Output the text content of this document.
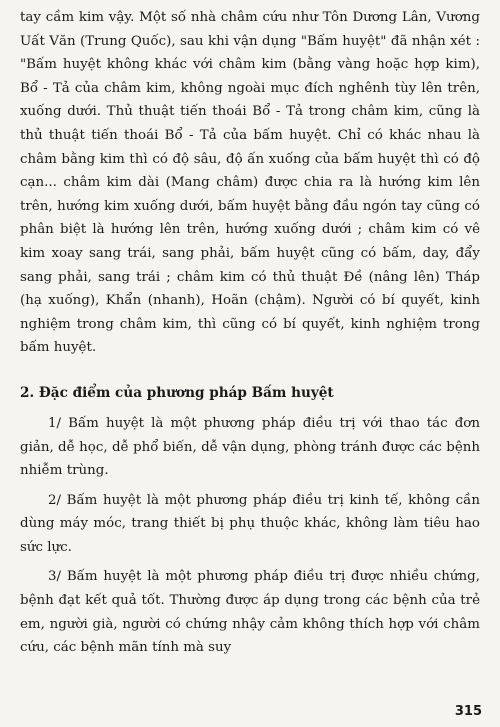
tay cầm kim vậy. Một số nhà châm cứu như Tôn Dương Lân, Vương Uất Văn (Trung Quốc), sau khi vận dụng "Bấm huyệt" đã nhận xét : "Bấm huyệt không khác với châm kim (bằng vàng hoặc hợp kim), Bổ - Tả của châm kim, không ngoài mục đích nghênh tùy lên trên, xuống dưới. Thủ thuật tiến thoái Bổ - Tả trong châm kim, cũng là thủ thuật tiến thoái Bổ - Tả của bấm huyệt. Chỉ có khác nhau là châm bằng kim thì có độ sâu, độ ấn xuống của bấm huyệt thì có độ cạn... châm kim dài (Mang châm) được chia ra là hướng kim lên trên, hướng kim xuống dưới, bấm huyệt bằng đầu ngón tay cũng có phân biệt là hướng lên trên, hướng xuống dưới ; châm kim có vê kim xoay sang trái, sang phải, bấm huyệt cũng có bấm, day, đẩy sang phải, sang trái ; châm kim có thủ thuật Đề (nâng lên) Tháp (hạ xuống), Khẩn (nhanh), Hoãn (chậm). Người có bí quyết, kinh nghiệm trong châm kim, thì cũng có bí quyết, kinh nghiệm trong bấm huyệt.

2. Đặc điểm của phương pháp Bấm huyệt

1/ Bấm huyệt là một phương pháp điều trị với thao tác đơn giản, dễ học, dễ phổ biến, dễ vận dụng, phòng tránh được các bệnh nhiễm trùng.

2/ Bấm huyệt là một phương pháp điều trị kinh tế, không cần dùng máy móc, trang thiết bị phụ thuộc khác, không làm tiêu hao sức lực.

3/ Bấm huyệt là một phương pháp điều trị được nhiều chứng, bệnh đạt kết quả tốt. Thường được áp dụng trong các bệnh của trẻ em, người già, người có chứng nhậy cảm không thích hợp với châm cứu, các bệnh mãn tính mà suy

315
